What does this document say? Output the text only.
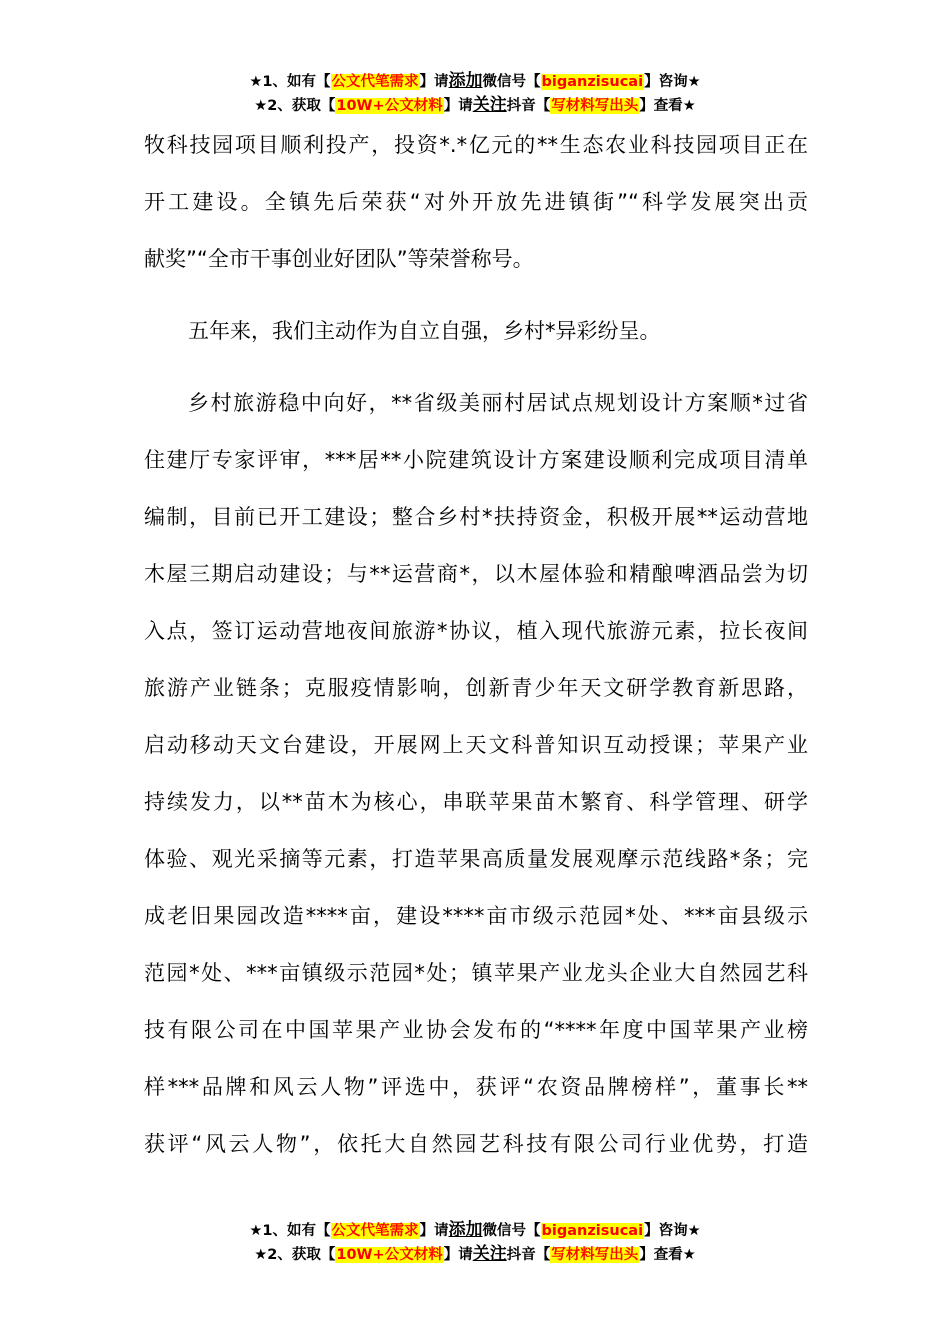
★1、如有【公文代笔需求】请添加微信号【biganzisucai】咨询★
★2、获取【10W+公文材料】请关注抖音【写材料写出头】查看★
牧科技园项目顺利投产，投资*.*亿元的**生态农业科技园项目正在
开工建设。全镇先后荣获“对外开放先进镇街”“科学发展突出贡
献奖”“全市干事创业好团队”等荣誉称号。
五年来，我们主动作为自立自强，乡村*异彩纷呈。
乡村旅游稳中向好，**省级美丽村居试点规划设计方案顺*过省
住建厅专家评审，***居**小院建筑设计方案建设顺利完成项目清单
编制，目前已开工建设；整合乡村*扶持资金，积极开展**运动营地
木屋三期启动建设；与**运营商*，以木屋体验和精酿啤酒品尝为切
入点，签订运动营地夜间旅游*协议，植入现代旅游元素，拉长夜间
旅游产业链条；克服疫情影响，创新青少年天文研学教育新思路，
启动移动天文台建设，开展网上天文科普知识互动授课；苹果产业
持续发力，以**苗木为核心，串联苹果苗木繁育、科学管理、研学
体验、观光采摘等元素，打造苹果高质量发展观摩示范线路*条；完
成老旧果园改造****亩，建设****亩市级示范园*处、***亩县级示
范园*处、***亩镇级示范园*处；镇苹果产业龙头企业大自然园艺科
技有限公司在中国苹果产业协会发布的“****年度中国苹果产业榜
样***品牌和风云人物”评选中，获评“农资品牌榜样”，董事长**
获评“风云人物”，依托大自然园艺科技有限公司行业优势，打造
★1、如有【公文代笔需求】请添加微信号【biganzisucai】咨询★
★2、获取【10W+公文材料】请关注抖音【写材料写出头】查看★
